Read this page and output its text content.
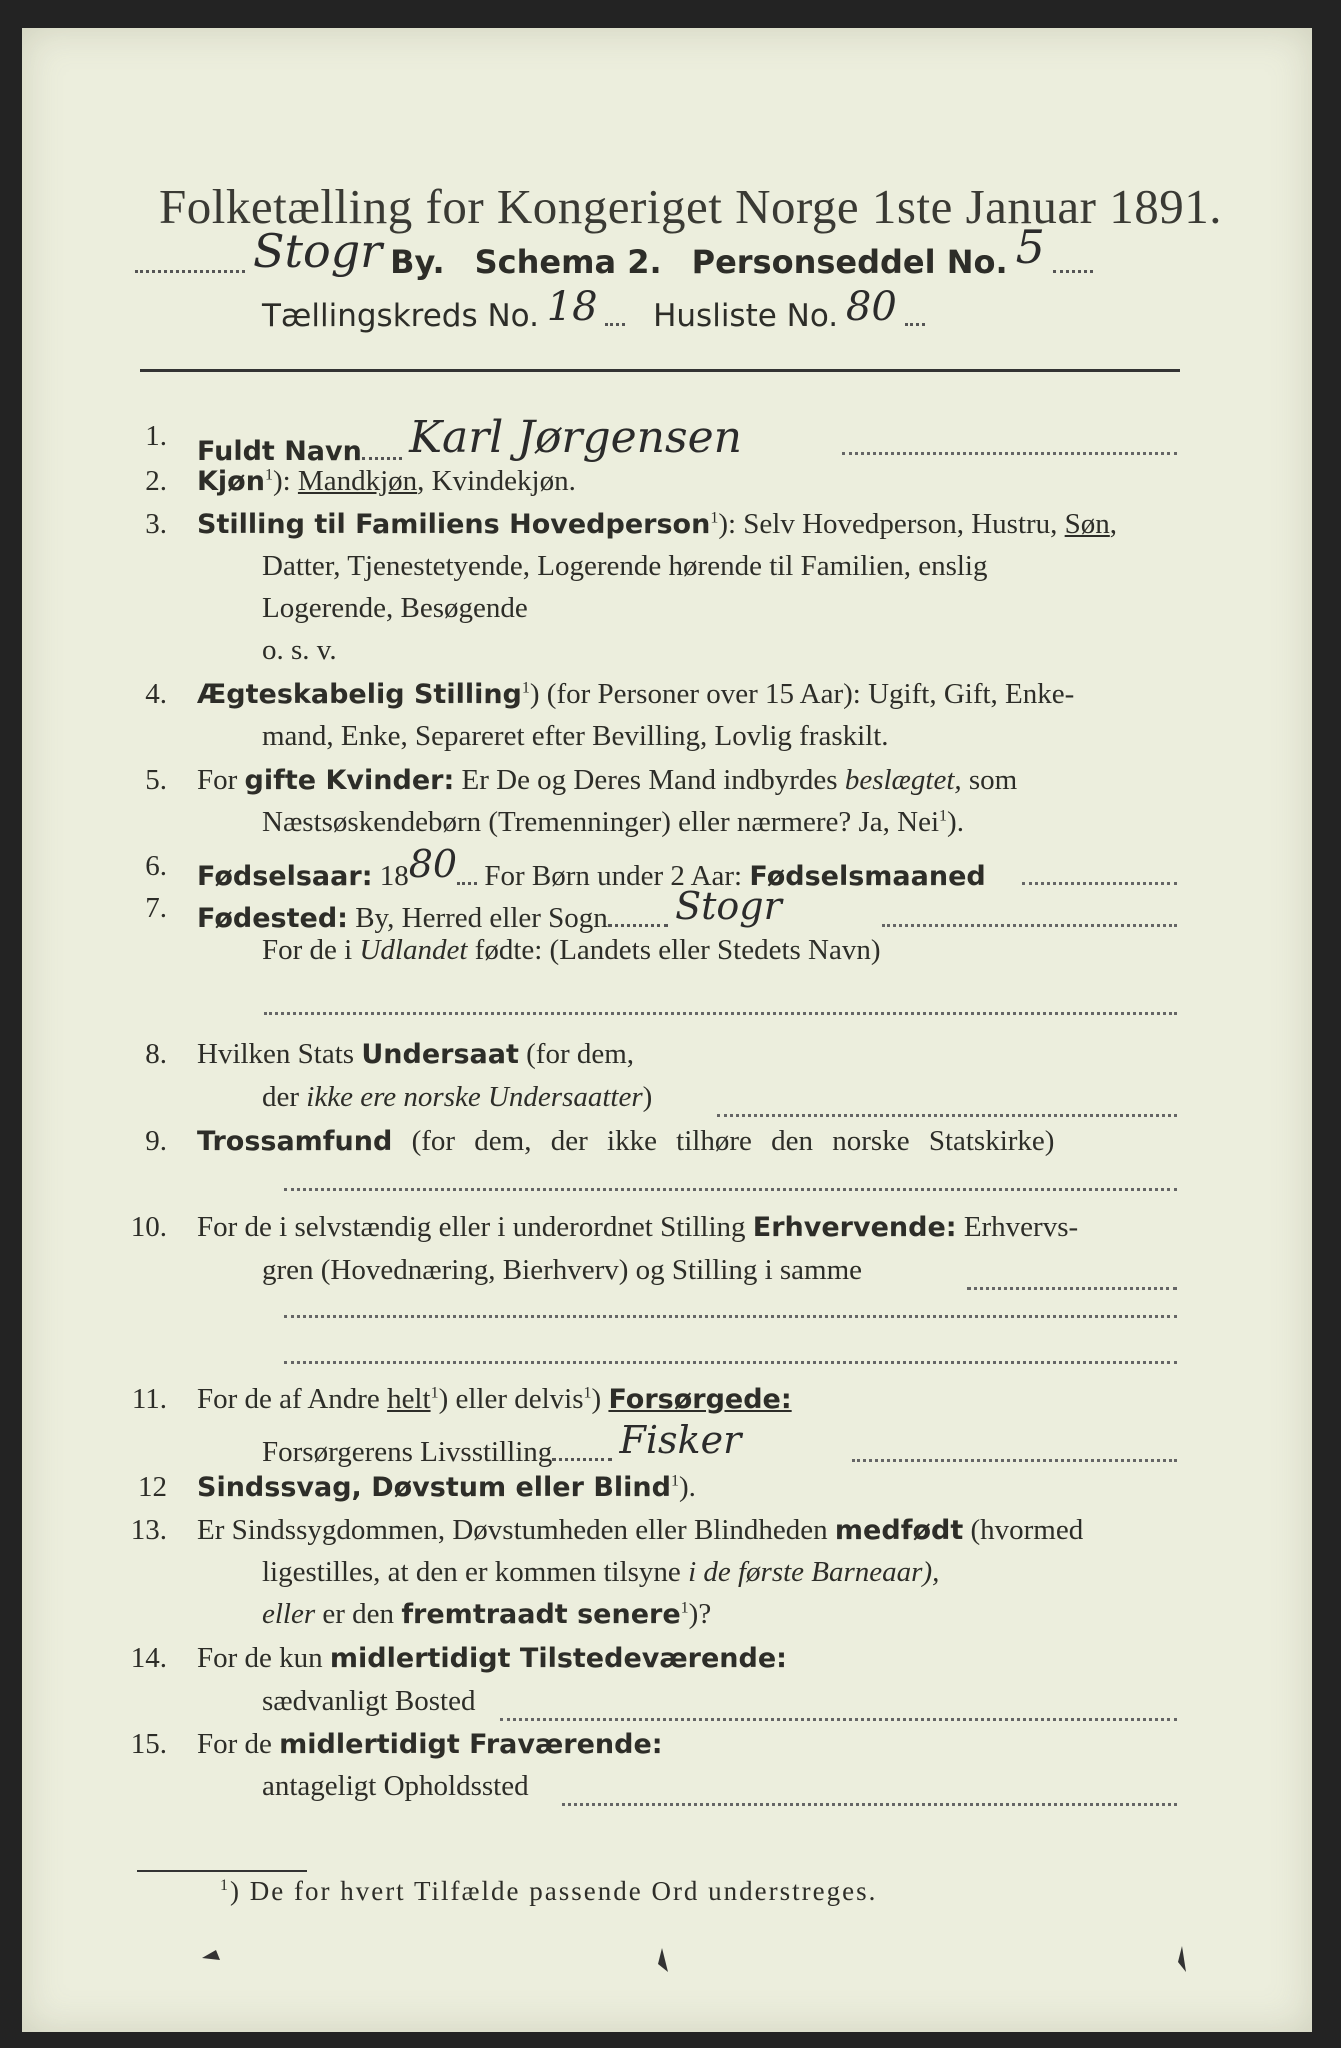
Folketælling for Kongeriget Norge 1ste Januar 1891.
Stogr By. Schema 2. Personseddel No. 5
Tællingskreds No. 18 Husliste No. 80
1. Fuldt Navn Karl Jørgensen
2. Kjøn$^1$): Mandkjøn, Kvindekjøn.
3. Stilling til Familiens Hovedperson$^1$): Selv Hovedperson, Hustru, Søn,
Datter, Tjenestetyende, Logerende hørende til Familien, enslig
Logerende, Besøgende
o. s. v.
4. Ægteskabelig Stilling$^1$) (for Personer over 15 Aar): Ugift, Gift, Enke-
mand, Enke, Separeret efter Bevilling, Lovlig fraskilt.
5. For gifte Kvinder: Er De og Deres Mand indbyrdes beslægtet, som
Næstsøskendebørn (Tremenninger) eller nærmere? Ja, Nei$^1$).
6. Fødselsaar: 1880 For Børn under 2 Aar: Fødselsmaaned
7. Fødested: By, Herred eller Sogn Stogr
For de i Udlandet fødte: (Landets eller Stedets Navn)
8. Hvilken Stats Undersaat (for dem,
der ikke ere norske Undersaatter)
9. Trossamfund (for dem, der ikke tilhøre den norske Statskirke)
10. For de i selvstændig eller i underordnet Stilling Erhvervende: Erhvervs-
gren (Hovednæring, Bierhverv) og Stilling i samme
11. For de af Andre helt$^1$) eller delvis$^1$) Forsørgede:
Forsørgerens Livsstilling Fisker
12 Sindssvag, Døvstum eller Blind$^1$).
13. Er Sindssygdommen, Døvstumheden eller Blindheden medfødt (hvormed
ligestilles, at den er kommen tilsyne i de første Barneaar),
eller er den fremtraadt senere$^1$)?
14. For de kun midlertidigt Tilstedeværende:
sædvanligt Bosted
15. For de midlertidigt Fraværende:
antageligt Opholdssted
$^1$) De for hvert Tilfælde passende Ord understreges.
